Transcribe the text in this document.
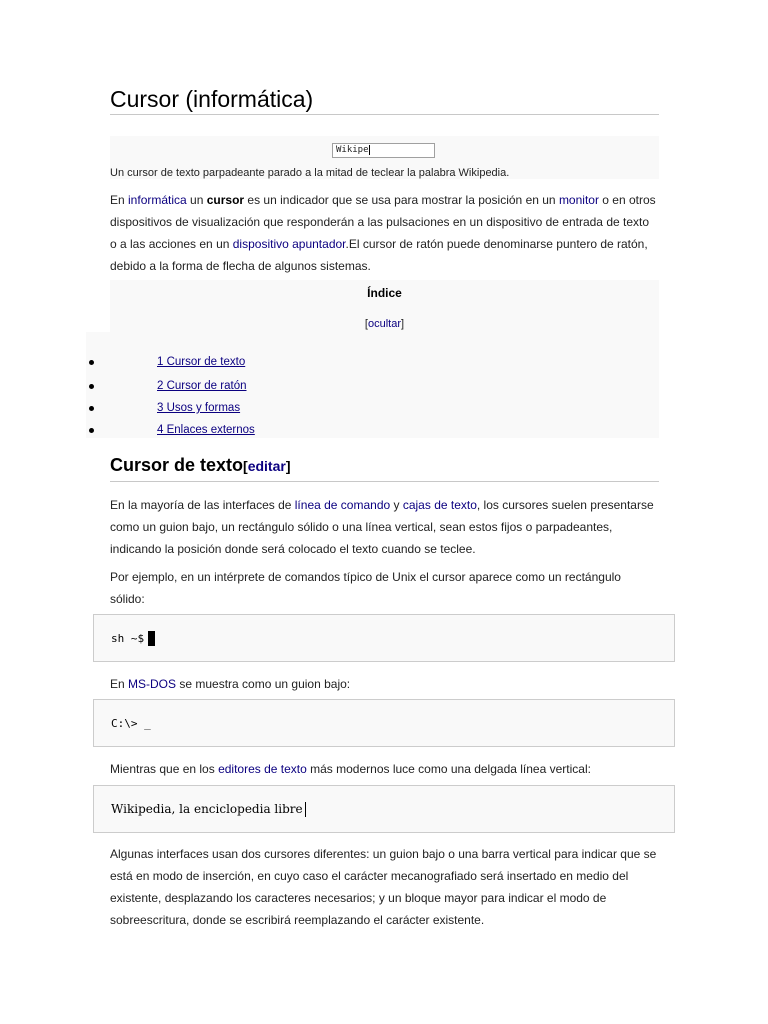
Cursor (informática)
Wikipe
Un cursor de texto parpadeante parado a la mitad de teclear la palabra Wikipedia.
En informática un cursor es un indicador que se usa para mostrar la posición en un monitor o en otros dispositivos de visualización que responderán a las pulsaciones en un dispositivo de entrada de texto o a las acciones en un dispositivo apuntador.El cursor de ratón puede denominarse puntero de ratón, debido a la forma de flecha de algunos sistemas.
Índice
[ocultar]
1 Cursor de texto
2 Cursor de ratón
3 Usos y formas
4 Enlaces externos
Cursor de texto[editar]
En la mayoría de las interfaces de línea de comando y cajas de texto, los cursores suelen presentarse como un guion bajo, un rectángulo sólido o una línea vertical, sean estos fijos o parpadeantes, indicando la posición donde será colocado el texto cuando se teclee.
Por ejemplo, en un intérprete de comandos típico de Unix el cursor aparece como un rectángulo sólido:
sh ~$
En MS-DOS se muestra como un guion bajo:
C:\> _
Mientras que en los editores de texto más modernos luce como una delgada línea vertical:
Wikipedia, la enciclopedia libre
Algunas interfaces usan dos cursores diferentes: un guion bajo o una barra vertical para indicar que se está en modo de inserción, en cuyo caso el carácter mecanografiado será insertado en medio del existente, desplazando los caracteres necesarios; y un bloque mayor para indicar el modo de sobreescritura, donde se escribirá reemplazando el carácter existente.
